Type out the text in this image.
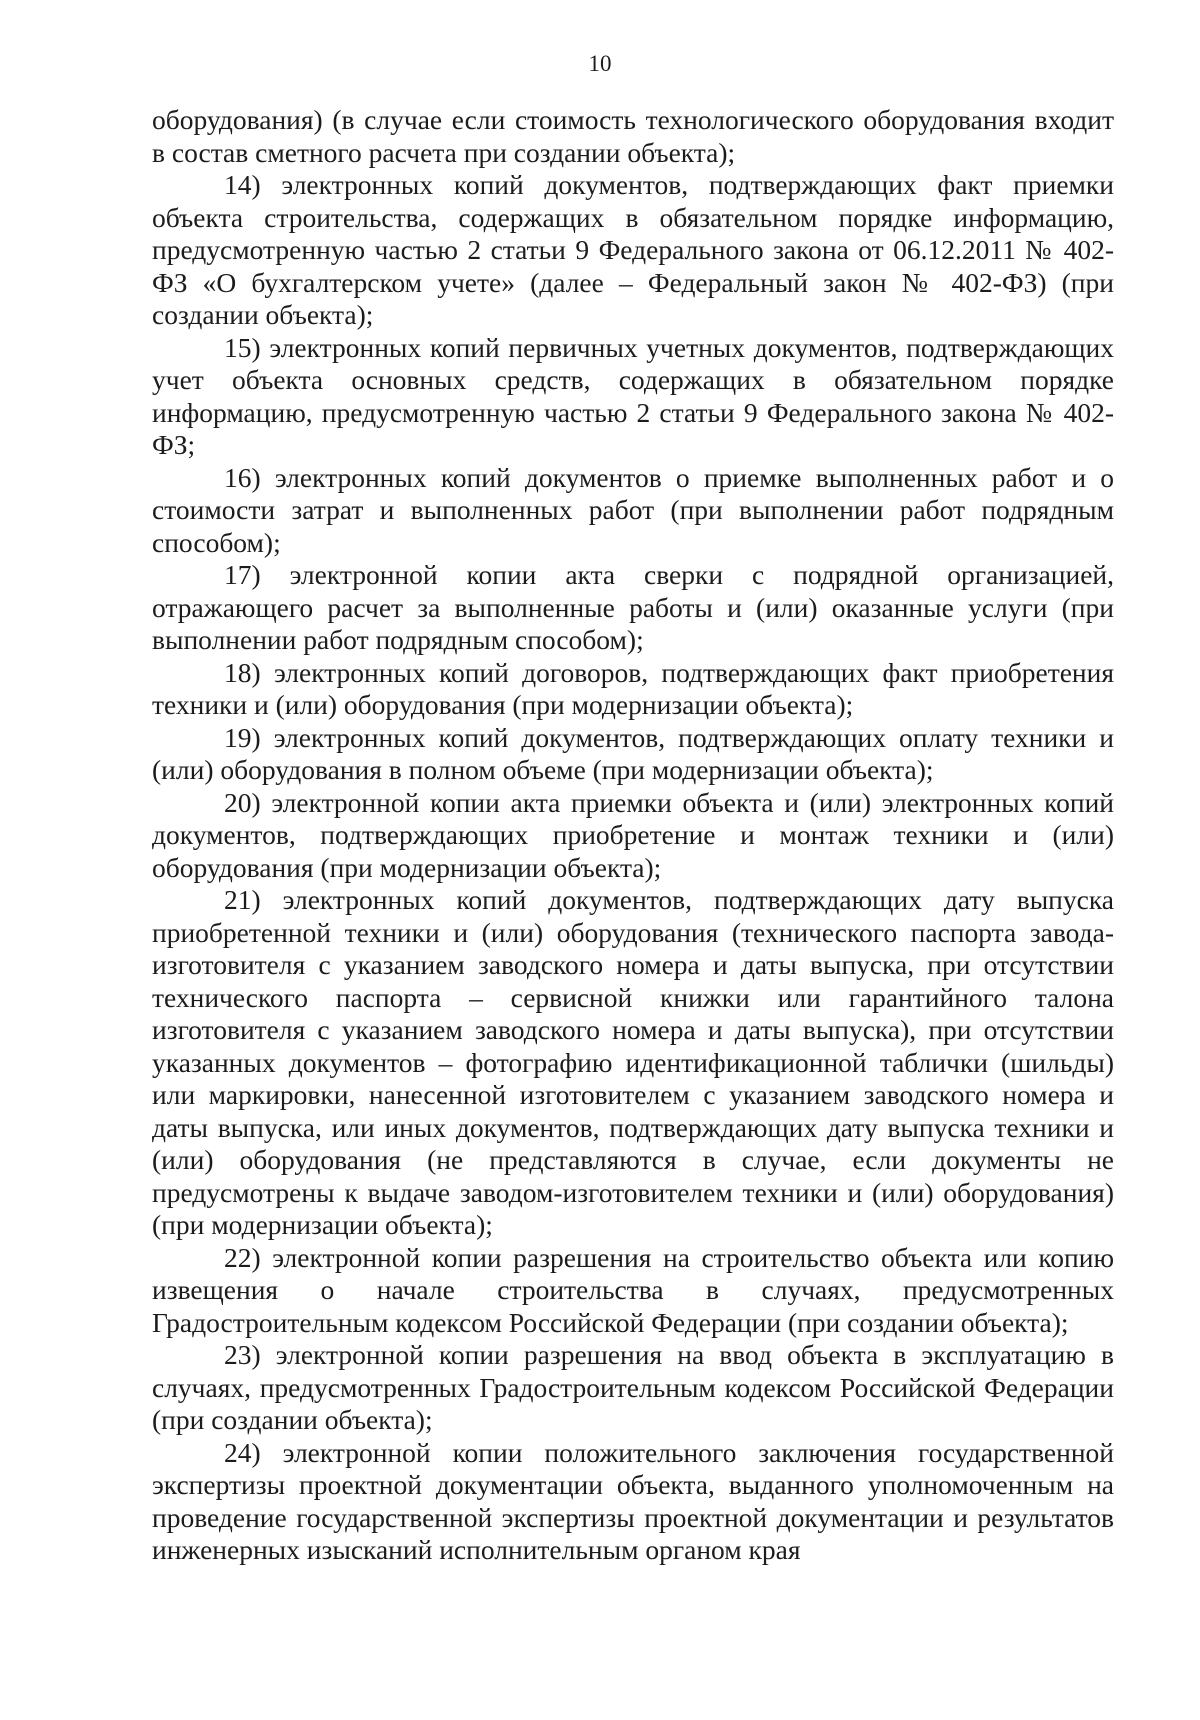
10

оборудования) (в случае если стоимость технологического оборудования входит в состав сметного расчета при создании объекта);

14) электронных копий документов, подтверждающих факт приемки объекта строительства, содержащих в обязательном порядке информацию, предусмотренную частью 2 статьи 9 Федерального закона от 06.12.2011 № 402-ФЗ «О бухгалтерском учете» (далее – Федеральный закон № 402-ФЗ) (при создании объекта);

15) электронных копий первичных учетных документов, подтверждающих учет объекта основных средств, содержащих в обязательном порядке информацию, предусмотренную частью 2 статьи 9 Федерального закона № 402-ФЗ;

16) электронных копий документов о приемке выполненных работ и о стоимости затрат и выполненных работ (при выполнении работ подрядным способом);

17) электронной копии акта сверки с подрядной организацией, отражающего расчет за выполненные работы и (или) оказанные услуги (при выполнении работ подрядным способом);

18) электронных копий договоров, подтверждающих факт приобретения техники и (или) оборудования (при модернизации объекта);

19) электронных копий документов, подтверждающих оплату техники и (или) оборудования в полном объеме (при модернизации объекта);

20) электронной копии акта приемки объекта и (или) электронных копий документов, подтверждающих приобретение и монтаж техники и (или) оборудования (при модернизации объекта);

21) электронных копий документов, подтверждающих дату выпуска приобретенной техники и (или) оборудования (технического паспорта завода-изготовителя с указанием заводского номера и даты выпуска, при отсутствии технического паспорта – сервисной книжки или гарантийного талона изготовителя с указанием заводского номера и даты выпуска), при отсутствии указанных документов – фотографию идентификационной таблички (шильды) или маркировки, нанесенной изготовителем с указанием заводского номера и даты выпуска, или иных документов, подтверждающих дату выпуска техники и (или) оборудования (не представляются в случае, если документы не предусмотрены к выдаче заводом-изготовителем техники и (или) оборудования) (при модернизации объекта);

22) электронной копии разрешения на строительство объекта или копию извещения о начале строительства в случаях, предусмотренных Градостроительным кодексом Российской Федерации (при создании объекта);

23) электронной копии разрешения на ввод объекта в эксплуатацию в случаях, предусмотренных Градостроительным кодексом Российской Федерации (при создании объекта);

24) электронной копии положительного заключения государственной экспертизы проектной документации объекта, выданного уполномоченным на проведение государственной экспертизы проектной документации и результатов инженерных изысканий исполнительным органом края
